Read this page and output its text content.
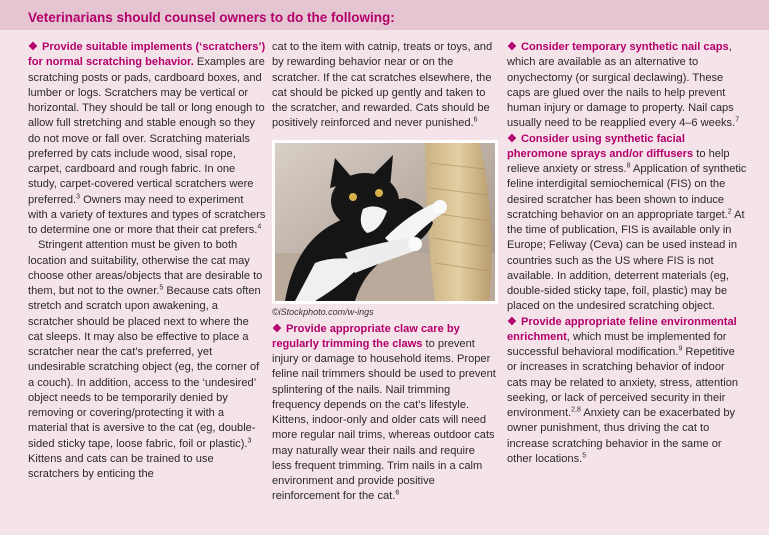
Veterinarians should counsel owners to do the following:

❖ Provide suitable implements (‘scratchers’) for normal scratching behavior. Examples are scratching posts or pads, cardboard boxes, and lumber or logs. Scratchers may be vertical or horizontal. They should be tall or long enough to allow full stretching and stable enough so they do not move or fall over. Scratching materials preferred by cats include wood, sisal rope, carpet, cardboard and rough fabric. In one study, carpet-covered vertical scratchers were preferred.$^3$ Owners may need to experiment with a variety of textures and types of scratchers to determine one or more that their cat prefers.$^4$

Stringent attention must be given to both location and suitability, otherwise the cat may choose other areas/objects that are desirable to them, but not to the owner.$^5$ Because cats often stretch and scratch upon awakening, a scratcher should be placed next to where the cat sleeps. It may also be effective to place a scratcher near the cat’s preferred, yet undesirable scratching object (eg, the corner of a couch). In addition, access to the ‘undesired’ object needs to be temporarily denied by removing or covering/protecting it with a material that is aversive to the cat (eg, double-sided sticky tape, loose fabric, foil or plastic).$^3$ Kittens and cats can be trained to use scratchers by enticing the

cat to the item with catnip, treats or toys, and by rewarding behavior near or on the scratcher. If the cat scratches elsewhere, the cat should be picked up gently and taken to the scratcher, and rewarded. Cats should be positively reinforced and never punished.$^6$

©iStockphoto.com/w-ings

❖ Provide appropriate claw care by regularly trimming the claws to prevent injury or damage to household items. Proper feline nail trimmers should be used to prevent splintering of the nails. Nail trimming frequency depends on the cat’s lifestyle. Kittens, indoor-only and older cats will need more regular nail trims, whereas outdoor cats may naturally wear their nails and require less frequent trimming. Trim nails in a calm environment and provide positive reinforcement for the cat.$^6$

❖ Consider temporary synthetic nail caps, which are available as an alternative to onychectomy (or surgical declawing). These caps are glued over the nails to help prevent human injury or damage to property. Nail caps usually need to be reapplied every 4–6 weeks.$^7$

❖ Consider using synthetic facial pheromone sprays and/or diffusers to help relieve anxiety or stress.$^8$ Application of synthetic feline interdigital semiochemical (FIS) on the desired scratcher has been shown to induce scratching behavior on an appropriate target.$^2$ At the time of publication, FIS is available only in Europe; Feliway (Ceva) can be used instead in countries such as the US where FIS is not available. In addition, deterrent materials (eg, double-sided sticky tape, foil, plastic) may be placed on the undesired scratching object.

❖ Provide appropriate feline environmental enrichment, which must be implemented for successful behavioral modification.$^9$ Repetitive or increases in scratching behavior of indoor cats may be related to anxiety, stress, attention seeking, or lack of perceived security in their environment.$^{2,8}$ Anxiety can be exacerbated by owner punishment, thus driving the cat to increase scratching behavior in the same or other locations.$^5$
